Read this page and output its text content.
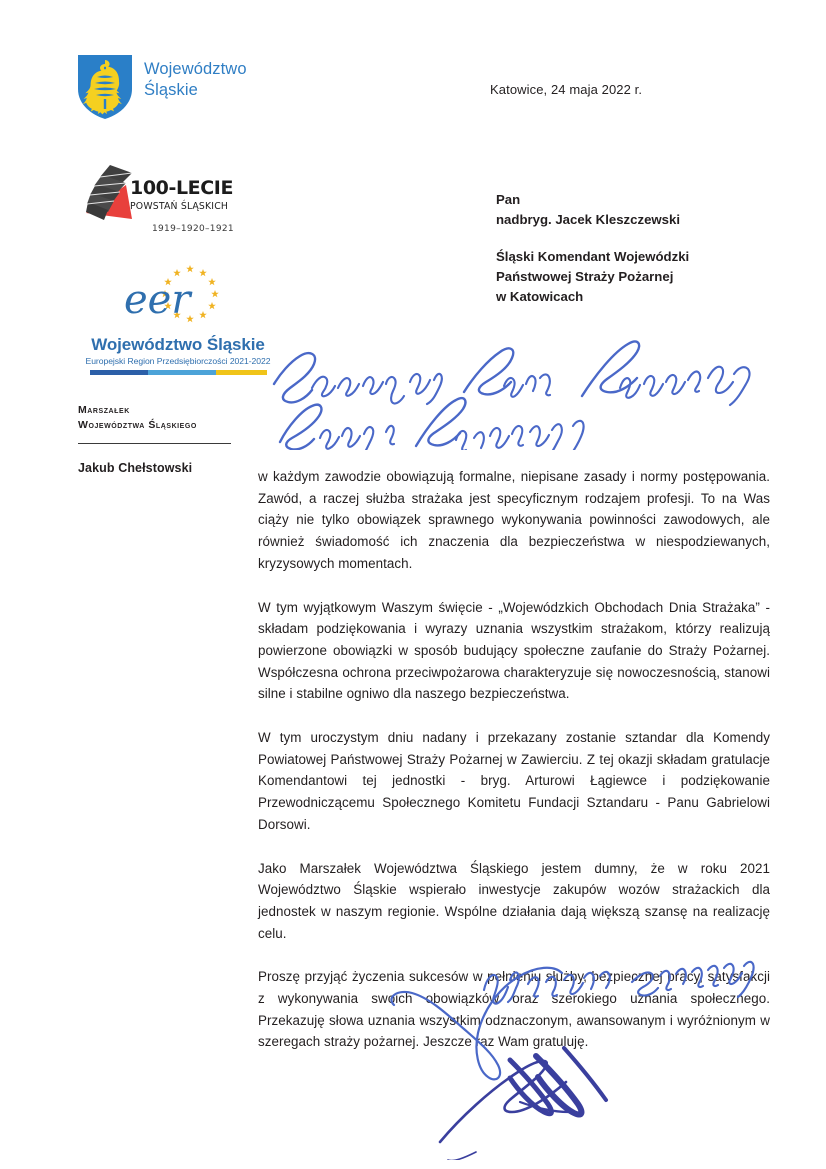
Województwo
Śląskie
100-LECIE
POWSTAŃ ŚLĄSKICH
1919–1920–1921
eer
Województwo Śląskie
Europejski Region Przedsiębiorczości 2021-2022
Marszałek
Województwa Śląskiego
Jakub Chełstowski
Katowice, 24 maja 2022 r.
Pan
nadbryg. Jacek Kleszczewski
Śląski Komendant Wojewódzki
Państwowej Straży Pożarnej
w Katowicach

w każdym zawodzie obowiązują formalne, niepisane zasady i normy postępowania. Zawód, a raczej służba strażaka jest specyficznym rodzajem profesji. To na Was ciąży nie tylko obowiązek sprawnego wykonywania powinności zawodowych, ale również świadomość ich znaczenia dla bezpieczeństwa w niespodziewanych, kryzysowych momentach.

W tym wyjątkowym Waszym święcie - „Wojewódzkich Obchodach Dnia Strażaka” - składam podziękowania i wyrazy uznania wszystkim strażakom, którzy realizują powierzone obowiązki w sposób budujący społeczne zaufanie do Straży Pożarnej. Współczesna ochrona przeciwpożarowa charakteryzuje się nowoczesnością, stanowi silne i stabilne ogniwo dla naszego bezpieczeństwa.

W tym uroczystym dniu nadany i przekazany zostanie sztandar dla Komendy Powiatowej Państwowej Straży Pożarnej w Zawierciu. Z tej okazji składam gratulacje Komendantowi tej jednostki - bryg. Arturowi Łągiewce i podziękowanie Przewodniczącemu Społecznego Komitetu Fundacji Sztandaru - Panu Gabrielowi Dorsowi.

Jako Marszałek Województwa Śląskiego jestem dumny, że w roku 2021 Województwo Śląskie wspierało inwestycje zakupów wozów strażackich dla jednostek w naszym regionie. Wspólne działania dają większą szansę na realizację celu.

Proszę przyjąć życzenia sukcesów w pełnieniu służby, bezpiecznej pracy, satysfakcji z wykonywania swoich obowiązków oraz szerokiego uznania społecznego. Przekazuję słowa uznania wszystkim odznaczonym, awansowanym i wyróżnionym w szeregach straży pożarnej. Jeszcze raz Wam gratuluję.
